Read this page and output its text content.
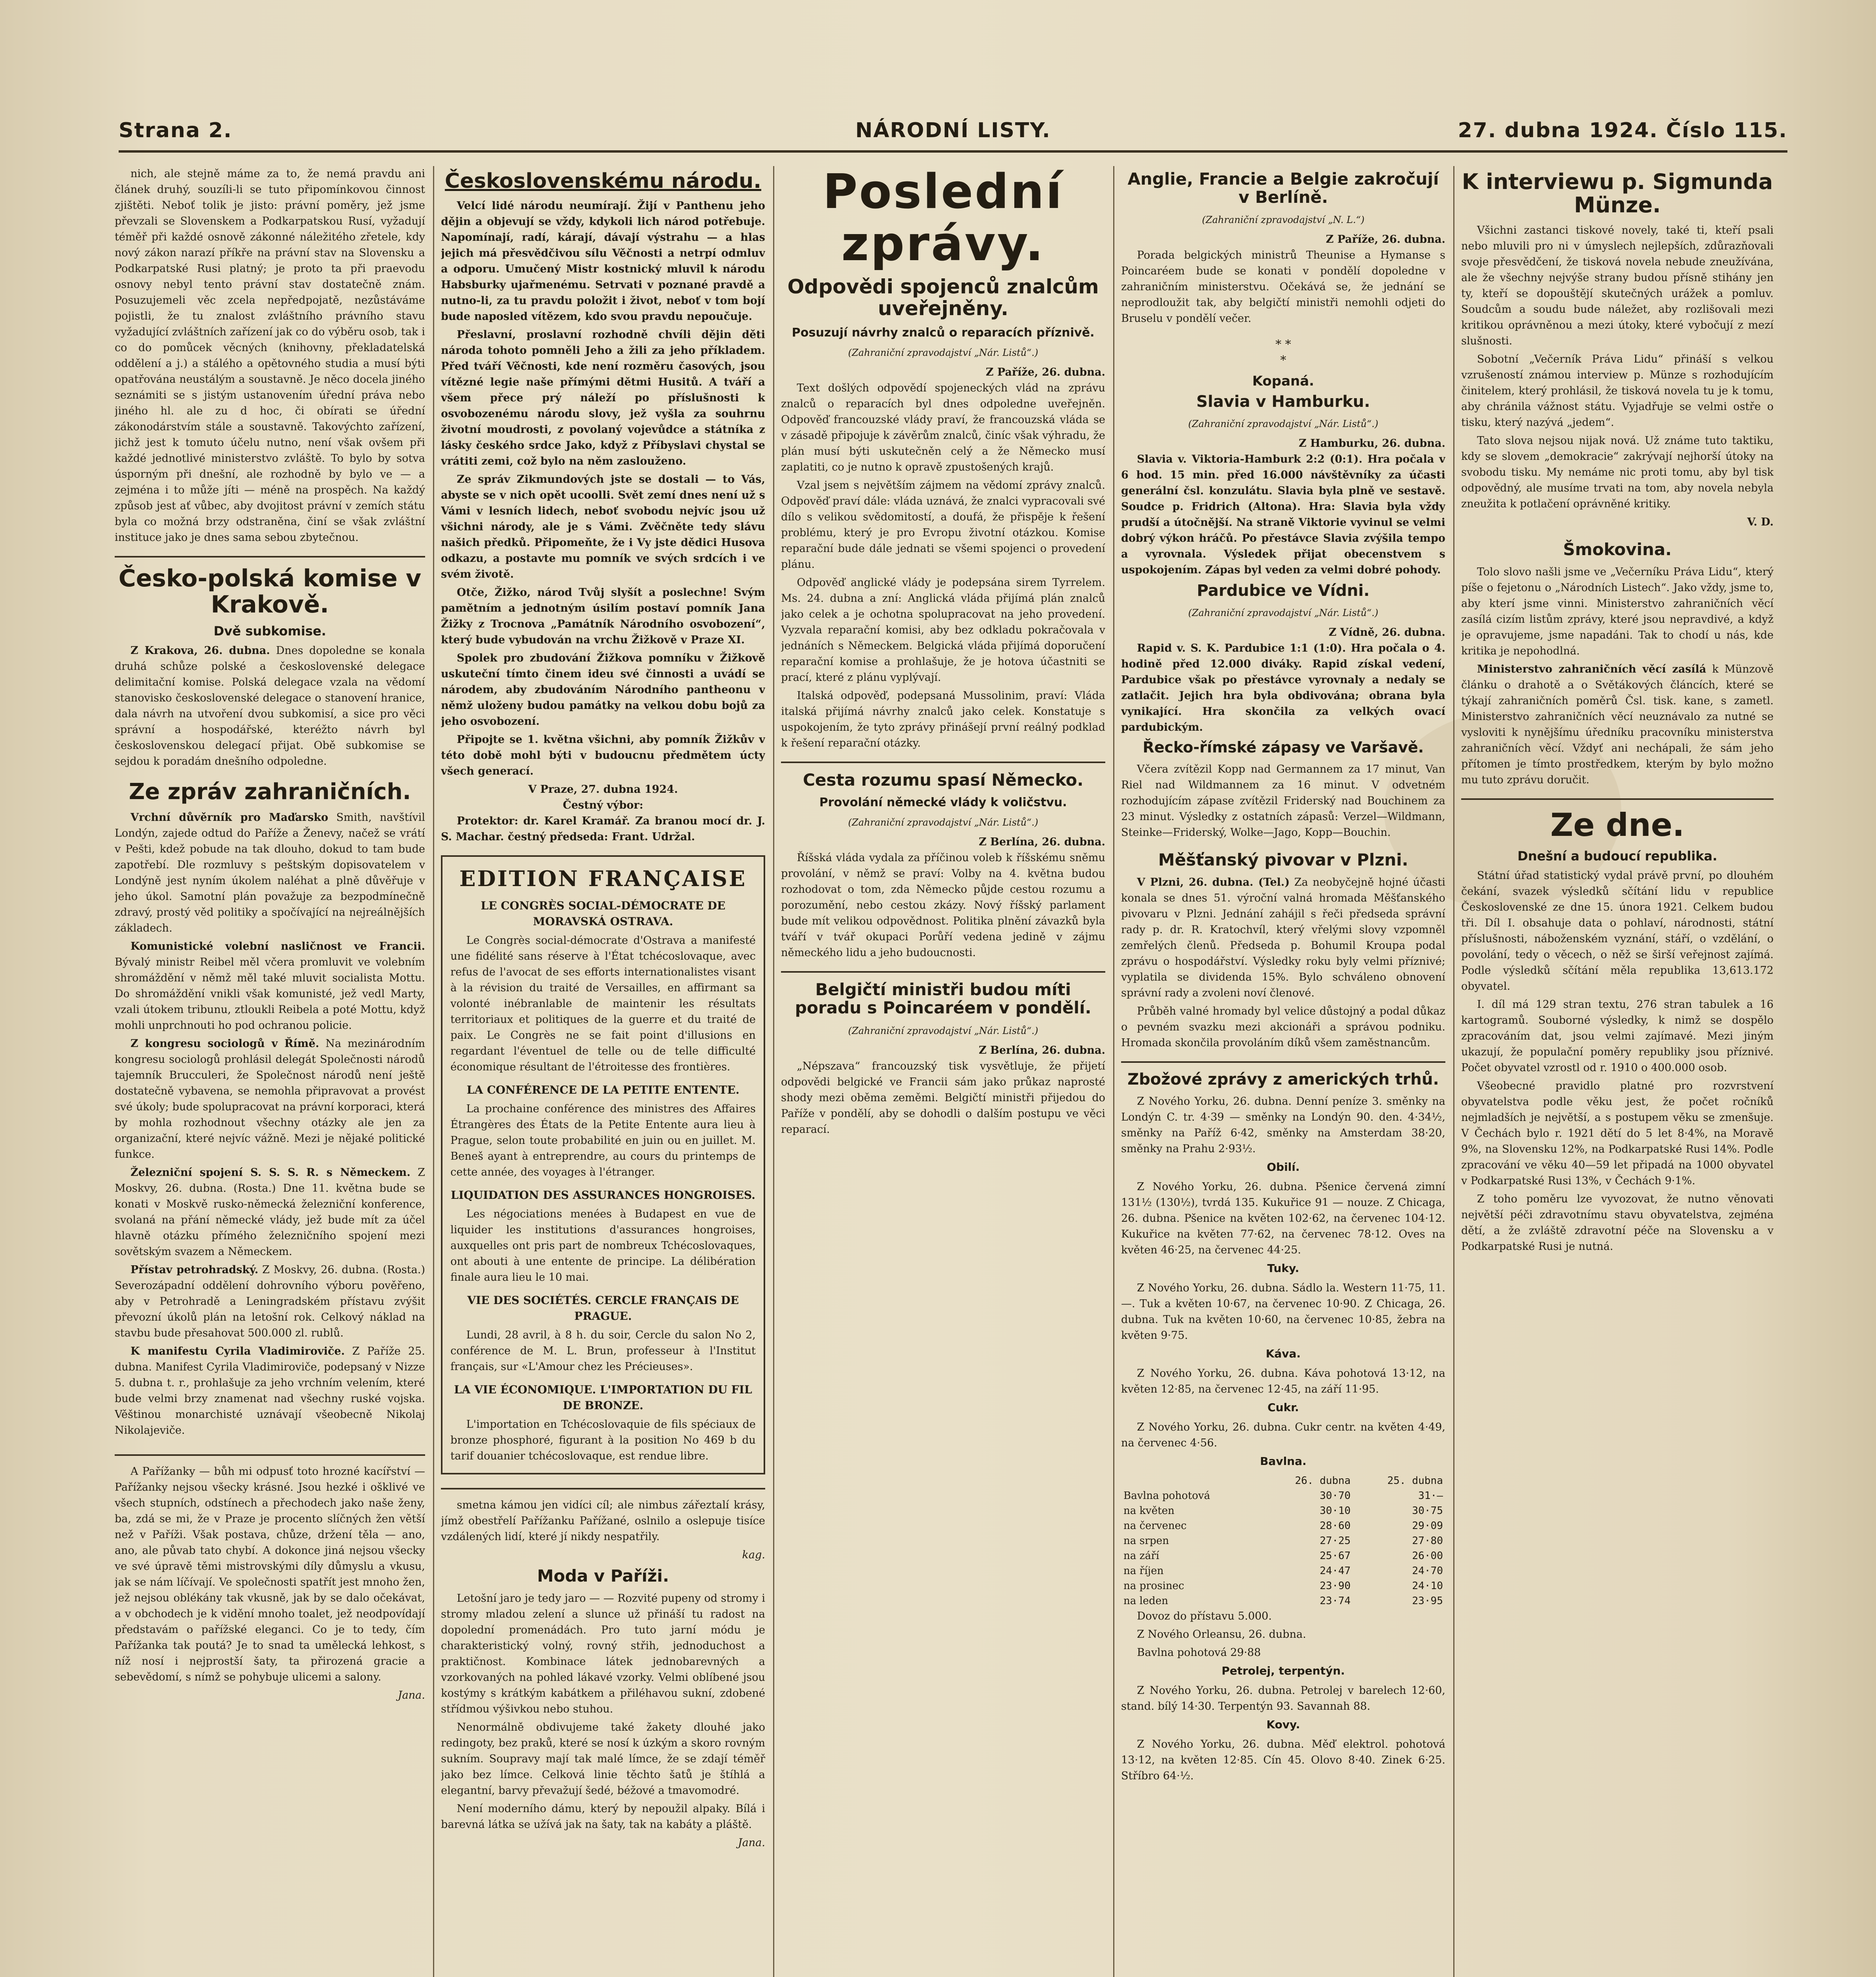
Strana 2.	NÁRODNÍ LISTY.	27. dubna 1924. Číslo 115.
nich, ale stejně máme za to, že nemá pravdu ani článek druhý, souzíli-li se tuto připomínkovou činnost zjištěti. Neboť tolik je jisto: právní poměry, jež jsme převzali se Slovenskem a Podkarpatskou Rusí, vyžadují téměř při každé osnově zákonné náležitého zřetele, kdy nový zákon narazí příkře na právní stav na Slovensku a Podkarpatské Rusi platný; je proto ta při praevodu osnovy nebyl tento právní stav dostatečně znám. Posuzujemeli věc zcela nepředpojatě, nezůstáváme pojistli, že tu znalost zvláštního právního stavu vyžadující zvláštních zařízení jak co do výběru osob, tak i co do pomůcek věcných (knihovny, překladatelská oddělení a j.) a stálého a opětovného studia a musí býti opatřována neustálým a soustavně. Je něco docela jiného seznámiti se s jistým ustanovením úřední práva nebo jiného hl. ale zu d hoc, či obírati se úřední zákonodárstvím stále a soustavně. Takovýchto zařízení, jichž jest k tomuto účelu nutno, není však ovšem při každé jednotlivé ministerstvo zvláště. To bylo by sotva úsporným při dnešní, ale rozhodně by bylo ve — a zejména i to může jíti — méně na prospěch. Na každý způsob jest ať vůbec, aby dvojitost právní v zemích státu byla co možná brzy odstraněna, činí se však zvláštní instituce jako je dnes sama sebou zbytečnou.
Česko-polská komise v Krakově.
Dvě subkomise.
Z Krakova, 26. dubna. Dnes dopoledne se konala druhá schůze polské a československé delegace delimitační komise. Polská delegace vzala na vědomí stanovisko československé delegace o stanovení hranice, dala návrh na utvoření dvou subkomisí, a sice pro věci správní a hospodářské, kteréžto návrh byl československou delegací přijat. Obě subkomise se sejdou k poradám dnešního odpoledne.
Ze zpráv zahraničních.
Vrchní důvěrník pro Maďarsko Smith, navštívil Londýn, zajede odtud do Paříže a Ženevy, načež se vrátí v Pešti, kdež pobude na tak dlouho, dokud to tam bude zapotřebí. Dle rozmluvy s peštským dopisovatelem v Londýně jest nyním úkolem naléhat a plně důvěřuje v jeho úkol. Samotní plán považuje za bezpodmínečně zdravý, prostý věd politiky a spočívající na nejreálnějších základech.
Komunistické volební nasličnost ve Francii. Bývalý ministr Reibel měl včera promluvit ve volebním shromáždění v němž měl také mluvit socialista Mottu. Do shromáždění vnikli však komunisté, jež vedl Marty, vzali útokem tribunu, ztloukli Reibela a poté Mottu, když mohli unprchnouti ho pod ochranou policie.
Z kongresu sociologů v Římě. Na mezinárodním kongresu sociologů prohlásil delegát Společnosti národů tajemník Brucculeri, že Společnost národů není ještě dostatečně vybavena, se nemohla připravovat a provést své úkoly; bude spolupracovat na právní korporaci, která by mohla rozhodnout všechny otázky ale jen za organizační, které nejvíc vážně. Mezi je nějaké politické funkce.
Železniční spojení S. S. S. R. s Německem. Z Moskvy, 26. dubna. (Rosta.) Dne 11. května bude se konati v Moskvě rusko-německá železniční konference, svolaná na přání německé vlády, jež bude mít za účel hlavně otázku přímého železničního spojení mezi sovětským svazem a Německem.
Přístav petrohradský. Z Moskvy, 26. dubna. (Rosta.) Severozápadní oddělení dohrovního výboru pověřeno, aby v Petrohradě a Leningradském přístavu zvýšit převozní úkolů plán na letošní rok. Celkový náklad na stavbu bude přesahovat 500.000 zl. rublů.
K manifestu Cyrila Vladimiroviče. Z Paříže 25. dubna. Manifest Cyrila Vladimiroviče, podepsaný v Nizze 5. dubna t. r., prohlašuje za jeho vrchním velením, které bude velmi brzy znamenat nad všechny ruské vojska. Věštinou monarchisté uznávají všeobecně Nikolaj Nikolajeviče.
A Pařížanky — bůh mi odpusť toto hrozné kacířství — Pařížanky nejsou všecky krásné. Jsou hezké i ošklivé ve všech stupních, odstínech a přechodech jako naše ženy, ba, zdá se mi, že v Praze je procento slíčných žen větší než v Paříži. Však postava, chůze, držení těla — ano, ano, ale půvab tato chybí. A dokonce jiná nejsou všecky ve své úpravě těmi mistrovskými díly důmyslu a vkusu, jak se nám líčívají. Ve společnosti spatřít jest mnoho žen, jež nejsou oblékány tak vkusně, jak by se dalo očekávat, a v obchodech je k vidění mnoho toalet, jež neodpovídají představám o pařížské eleganci. Co je to tedy, čím Pařížanka tak poutá? Je to snad ta umělecká lehkost, s níž nosí i nejprostší šaty, ta přirozená gracie a sebevědomí, s nímž se pohybuje ulicemi a salony.
Jana.
Československému národu.
Velcí lidé národu neumírají. Žijí v Panthenu jeho dějin a objevují se vždy, kdykoli lich národ potřebuje. Napomínají, radí, kárají, dávají výstrahu — a hlas jejich má přesvědčivou sílu Věčnosti a netrpí odmluv a odporu. Umučený Mistr kostnický mluvil k národu Habsburky ujařmenému. Setrvati v poznané pravdě a nutno-li, za tu pravdu položit i život, neboť v tom bojí bude naposled vítězem, kdo svou pravdu nepoučuje.
Přeslavní, proslavní rozhodně chvíli dějin děti národa tohoto pomněli Jeho a žili za jeho příkladem. Před tváří Věčnosti, kde není rozměru časových, jsou vítězné legie naše přímými dětmi Husitů. A tváří a všem přece prý náleží po příslušnosti k osvobozenému národu slovy, jež vyšla za souhrnu životní moudrosti, z povolaný vojevůdce a státníka z lásky českého srdce Jako, když z Příbyslavi chystal se vrátiti zemi, což bylo na něm zaslouženo.
Ze správ Zikmundových jste se dostali — to Vás, abyste se v nich opět ucoolli. Svět zemí dnes není už s Vámi v lesních lidech, neboť svobodu nejvíc jsou už všichni národy, ale je s Vámi. Zvěčněte tedy slávu našich předků. Připomeňte, že i Vy jste dědici Husova odkazu, a postavte mu pomník ve svých srdcích i ve svém životě.
Otče, Žižko, národ Tvůj slyšít a poslechne! Svým pamětním a jednotným úsilím postaví pomník Jana Žižky z Trocnova „Památník Národního osvobození“, který bude vybudován na vrchu Žižkově v Praze XI.
Spolek pro zbudování Žižkova pomníku v Žižkově uskuteční tímto činem ideu své činnosti a uvádí se národem, aby zbudováním Národního pantheonu v němž uloženy budou památky na velkou dobu bojů za jeho osvobození.
Připojte se 1. května všichni, aby pomník Žižkův v této době mohl býti v budoucnu předmětem úcty všech generací.
V Praze, 27. dubna 1924.
Čestný výbor:
Protektor: dr. Karel Kramář. Za branou mocí dr. J. S. Machar. čestný předseda: Frant. Udržal.
EDITION FRANÇAISE
LE CONGRÈS SOCIAL-DÉMOCRATE DE MORAVSKÁ OSTRAVA.
Le Congrès social-démocrate d'Ostrava a manifesté une fidélité sans réserve à l'État tchécoslovaque, avec refus de l'avocat de ses efforts internationalistes visant à la révision du traité de Versailles, en affirmant sa volonté inébranlable de maintenir les résultats territoriaux et politiques de la guerre et du traité de paix. Le Congrès ne se fait point d'illusions en regardant l'éventuel de telle ou de telle difficulté économique résultant de l'étroitesse des frontières.
LA CONFÉRENCE DE LA PETITE ENTENTE.
La prochaine conférence des ministres des Affaires Étrangères des États de la Petite Entente aura lieu à Prague, selon toute probabilité en juin ou en juillet. M. Beneš ayant à entreprendre, au cours du printemps de cette année, des voyages à l'étranger.
LIQUIDATION DES ASSURANCES HONGROISES.
Les négociations menées à Budapest en vue de liquider les institutions d'assurances hongroises, auxquelles ont pris part de nombreux Tchécoslovaques, ont abouti à une entente de principe. La délibération finale aura lieu le 10 mai.
VIE DES SOCIÉTÉS. CERCLE FRANÇAIS DE PRAGUE.
Lundi, 28 avril, à 8 h. du soir, Cercle du salon No 2, conférence de M. L. Brun, professeur à l'Institut français, sur «L'Amour chez les Précieuses».
LA VIE ÉCONOMIQUE. L'IMPORTATION DU FIL DE BRONZE.
L'importation en Tchécoslovaquie de fils spéciaux de bronze phosphoré, figurant à la position No 469 b du tarif douanier tchécoslovaque, est rendue libre.
smetna kámou jen vidíci cíl; ale nimbus zářeztalí krásy, jímž obestřelí Pařížanku Pařížané, oslnilo a oslepuje tisíce vzdálených lidí, které jí nikdy nespatřily.
kag.
Moda v Paříži.
Letošní jaro je tedy jaro — — Rozvité pupeny od stromy i stromy mladou zelení a slunce už přináší tu radost na dopolední promenádách. Pro tuto jarní módu je charakteristický volný, rovný střih, jednoduchost a praktičnost. Kombinace látek jednobarevných a vzorkovaných na pohled lákavé vzorky. Velmi oblíbené jsou kostýmy s krátkým kabátkem a přiléhavou sukní, zdobené střídmou výšivkou nebo stuhou.
Nenormálně obdivujeme také žakety dlouhé jako redingoty, bez praků, které se nosí k úzkým a skoro rovným sukním. Soupravy mají tak malé límce, že se zdají téměř jako bez límce. Celková linie těchto šatů je štíhlá a elegantní, barvy převažují šedé, béžové a tmavomodré.
Není moderního dámu, který by nepoužil alpaky. Bílá i barevná látka se užívá jak na šaty, tak na kabáty a pláště.
Jana.
Poslední zprávy.
Odpovědi spojenců znalcům uveřejněny.
Posuzují návrhy znalců o reparacích příznivě.
(Zahraniční zpravodajství „Nár. Listů“.)
Z Paříže, 26. dubna.
Text došlých odpovědí spojeneckých vlád na zprávu znalců o reparacích byl dnes odpoledne uveřejněn. Odpověď francouzské vlády praví, že francouzská vláda se v zásadě připojuje k závěrům znalců, činíc však výhradu, že plán musí býti uskutečněn celý a že Německo musí zaplatiti, co je nutno k opravě zpustošených krajů.
Vzal jsem s největším zájmem na vědomí zprávy znalců. Odpověď praví dále: vláda uznává, že znalci vypracovali své dílo s velikou svědomitostí, a doufá, že přispěje k řešení problému, který je pro Evropu životní otázkou. Komise reparační bude dále jednati se všemi spojenci o provedení plánu.
Odpověď anglické vlády je podepsána sirem Tyrrelem. Ms. 24. dubna a zní: Anglická vláda přijímá plán znalců jako celek a je ochotna spolupracovat na jeho provedení. Vyzvala reparační komisi, aby bez odkladu pokračovala v jednáních s Německem. Belgická vláda přijímá doporučení reparační komise a prohlašuje, že je hotova účastniti se prací, které z plánu vyplývají.
Italská odpověď, podepsaná Mussolinim, praví: Vláda italská přijímá návrhy znalců jako celek. Konstatuje s uspokojením, že tyto zprávy přinášejí první reálný podklad k řešení reparační otázky.
Cesta rozumu spasí Německo.
Provolání německé vlády k voličstvu.
(Zahraniční zpravodajství „Nár. Listů“.)
Z Berlína, 26. dubna.
Říšská vláda vydala za příčinou voleb k říšskému sněmu provolání, v němž se praví: Volby na 4. května budou rozhodovat o tom, zda Německo půjde cestou rozumu a porozumění, nebo cestou zkázy. Nový říšský parlament bude mít velikou odpovědnost. Politika plnění závazků byla tváří v tvář okupaci Porůří vedena jedině v zájmu německého lidu a jeho budoucnosti.
Belgičtí ministři budou míti poradu s Poincaréem v pondělí.
(Zahraniční zpravodajství „Nár. Listů“.)
Z Berlína, 26. dubna.
„Népszava“ francouzský tisk vysvětluje, že přijetí odpovědi belgické ve Francii sám jako průkaz naprosté shody mezi oběma zeměmi. Belgičtí ministři přijedou do Paříže v pondělí, aby se dohodli o dalším postupu ve věci reparací.
Anglie, Francie a Belgie zakročují v Berlíně.
(Zahraniční zpravodajství „N. L.“)
Z Paříže, 26. dubna.
Porada belgických ministrů Theunise a Hymanse s Poincaréem bude se konati v pondělí dopoledne v zahraničním ministerstvu. Očekává se, že jednání se neprodloužit tak, aby belgičtí ministři nemohli odjeti do Bruselu v pondělí večer.
* *
*
Kopaná.
Slavia v Hamburku.
(Zahraniční zpravodajství „Nár. Listů“.)
Z Hamburku, 26. dubna.
Slavia v. Viktoria-Hamburk 2:2 (0:1). Hra počala v 6 hod. 15 min. před 16.000 návštěvníky za účasti generální čsl. konzulátu. Slavia byla plně ve sestavě. Soudce p. Fridrich (Altona). Hra: Slavia byla vždy prudší a útočnější. Na straně Viktorie vyvinul se velmi dobrý výkon hráčů. Po přestávce Slavia zvýšila tempo a vyrovnala. Výsledek přijat obecenstvem s uspokojením. Zápas byl veden za velmi dobré pohody.
Pardubice ve Vídni.
(Zahraniční zpravodajství „Nár. Listů“.)
Z Vídně, 26. dubna.
Rapid v. S. K. Pardubice 1:1 (1:0). Hra počala o 4. hodině před 12.000 diváky. Rapid získal vedení, Pardubice však po přestávce vyrovnaly a nedaly se zatlačit. Jejich hra byla obdivována; obrana byla vynikající. Hra skončila za velkých ovací pardubickým.
Řecko-římské zápasy ve Varšavě.
Včera zvítězil Kopp nad Germannem za 17 minut, Van Riel nad Wildmannem za 16 minut. V odvetném rozhodujícím zápase zvítězil Friderský nad Bouchinem za 23 minut. Výsledky z ostatních zápasů: Verzel—Wildmann, Steinke—Friderský, Wolke—Jago, Kopp—Bouchin.
Měšťanský pivovar v Plzni.
V Plzni, 26. dubna. (Tel.) Za neobyčejně hojné účasti konala se dnes 51. výroční valná hromada Měšťanského pivovaru v Plzni. Jednání zahájil s řeči předseda správní rady p. dr. R. Kratochvíl, který vřelými slovy vzpomněl zemřelých členů. Předseda p. Bohumil Kroupa podal zprávu o hospodářství. Výsledky roku byly velmi příznivé; vyplatila se dividenda 15%. Bylo schváleno obnovení správní rady a zvoleni noví členové.
Průběh valné hromady byl velice důstojný a podal důkaz o pevném svazku mezi akcionáři a správou podniku. Hromada skončila provoláním díků všem zaměstnancům.
Zbožové zprávy z amerických trhů.
Z Nového Yorku, 26. dubna. Denní peníze 3. směnky na Londýn C. tr. 4·39 — směnky na Londýn 90. den. 4·34½, směnky na Paříž 6·42, směnky na Amsterdam 38·20, směnky na Prahu 2·93½.
Obilí.
Z Nového Yorku, 26. dubna. Pšenice červená zimní 131½ (130½), tvrdá 135. Kukuřice 91 — nouze. Z Chicaga, 26. dubna. Pšenice na květen 102·62, na červenec 104·12. Kukuřice na květen 77·62, na červenec 78·12. Oves na květen 46·25, na červenec 44·25.
Tuky.
Z Nového Yorku, 26. dubna. Sádlo la. Western 11·75, 11. —. Tuk a květen 10·67, na červenec 10·90. Z Chicaga, 26. dubna. Tuk na květen 10·60, na červenec 10·85, žebra na květen 9·75.
Káva.
Z Nového Yorku, 26. dubna. Káva pohotová 13·12, na květen 12·85, na červenec 12·45, na září 11·95.
Cukr.
Z Nového Yorku, 26. dubna. Cukr centr. na květen 4·49, na červenec 4·56.
Bavlna.
	26. dubna	25. dubna
Bavlna pohotová	30·70	31·—
na květen	30·10	30·75
na červenec	28·60	29·09
na srpen	27·25	27·80
na září	25·67	26·00
na říjen	24·47	24·70
na prosinec	23·90	24·10
na leden	23·74	23·95
Dovoz do přístavu 5.000.
Z Nového Orleansu, 26. dubna.
Bavlna pohotová 29·88
Petrolej, terpentýn.
Z Nového Yorku, 26. dubna. Petrolej v barelech 12·60, stand. bílý 14·30. Terpentýn 93. Savannah 88.
Kovy.
Z Nového Yorku, 26. dubna. Měď elektrol. pohotová 13·12, na květen 12·85. Cín 45. Olovo 8·40. Zinek 6·25. Stříbro 64·½.
K interviewu p. Sigmunda Münze.
Všichni zastanci tiskové novely, také ti, kteří psali nebo mluvili pro ni v úmyslech nejlepších, zdůrazňovali svoje přesvědčení, že tisková novela nebude zneužívána, ale že všechny nejvýše strany budou přísně stihány jen ty, kteří se dopouštějí skutečných urážek a pomluv. Soudcům a soudu bude náležet, aby rozlišovali mezi kritikou oprávněnou a mezi útoky, které vybočují z mezí slušnosti.
Sobotní „Večerník Práva Lidu“ přináší s velkou vzrušeností známou interview p. Münze s rozhodujícím činitelem, který prohlásil, že tisková novela tu je k tomu, aby chránila vážnost státu. Vyjadřuje se velmi ostře o tisku, který nazývá „jedem“.
Tato slova nejsou nijak nová. Už známe tuto taktiku, kdy se slovem „demokracie“ zakrývají nejhorší útoky na svobodu tisku. My nemáme nic proti tomu, aby byl tisk odpovědný, ale musíme trvati na tom, aby novela nebyla zneužita k potlačení oprávněné kritiky.
V. D.
Šmokovina.
Tolo slovo našli jsme ve „Večerníku Práva Lidu“, který píše o fejetonu o „Národních Listech“. Jako vždy, jsme to, aby kterí jsme vinni. Ministerstvo zahraničních věcí zasílá cizím listům zprávy, které jsou nepravdivé, a když je opravujeme, jsme napadáni. Tak to chodí u nás, kde kritika je nepohodlná.
Ministerstvo zahraničních věcí zasílá k Münzově článku o drahotě a o Světákových článcích, které se týkají zahraničních poměrů Čsl. tisk. kane, s zametl. Ministerstvo zahraničních věcí neuznávalo za nutné se vysloviti k nynějšímu úředníku pracovníku ministerstva zahraničních věcí. Vždyť ani nechápali, že sám jeho přítomen je tímto prostředkem, kterým by bylo možno mu tuto zprávu doručit.
Ze dne.
Dnešní a budoucí republika.
Státní úřad statistický vydal právě první, po dlouhém čekání, svazek výsledků sčítání lidu v republice Československé ze dne 15. února 1921. Celkem budou tři. Díl I. obsahuje data o pohlaví, národnosti, státní příslušnosti, náboženském vyznání, stáří, o vzdělání, o povolání, tedy o věcech, o něž se širší veřejnost zajímá. Podle výsledků sčítání měla republika 13,613.172 obyvatel.
I. díl má 129 stran textu, 276 stran tabulek a 16 kartogramů. Souborné výsledky, k nimž se dospělo zpracováním dat, jsou velmi zajímavé. Mezi jiným ukazují, že populační poměry republiky jsou příznivé. Počet obyvatel vzrostl od r. 1910 o 400.000 osob.
Všeobecné pravidlo platné pro rozvrstvení obyvatelstva podle věku jest, že počet ročníků nejmladších je největší, a s postupem věku se zmenšuje. V Čechách bylo r. 1921 dětí do 5 let 8·4%, na Moravě 9%, na Slovensku 12%, na Podkarpatské Rusi 14%. Podle zpracování ve věku 40—59 let připadá na 1000 obyvatel v Podkarpatské Rusi 13%, v Čechách 9·1%.
Z toho poměru lze vyvozovat, že nutno věnovati největší péči zdravotnímu stavu obyvatelstva, zejména dětí, a že zvláště zdravotní péče na Slovensku a v Podkarpatské Rusi je nutná.
